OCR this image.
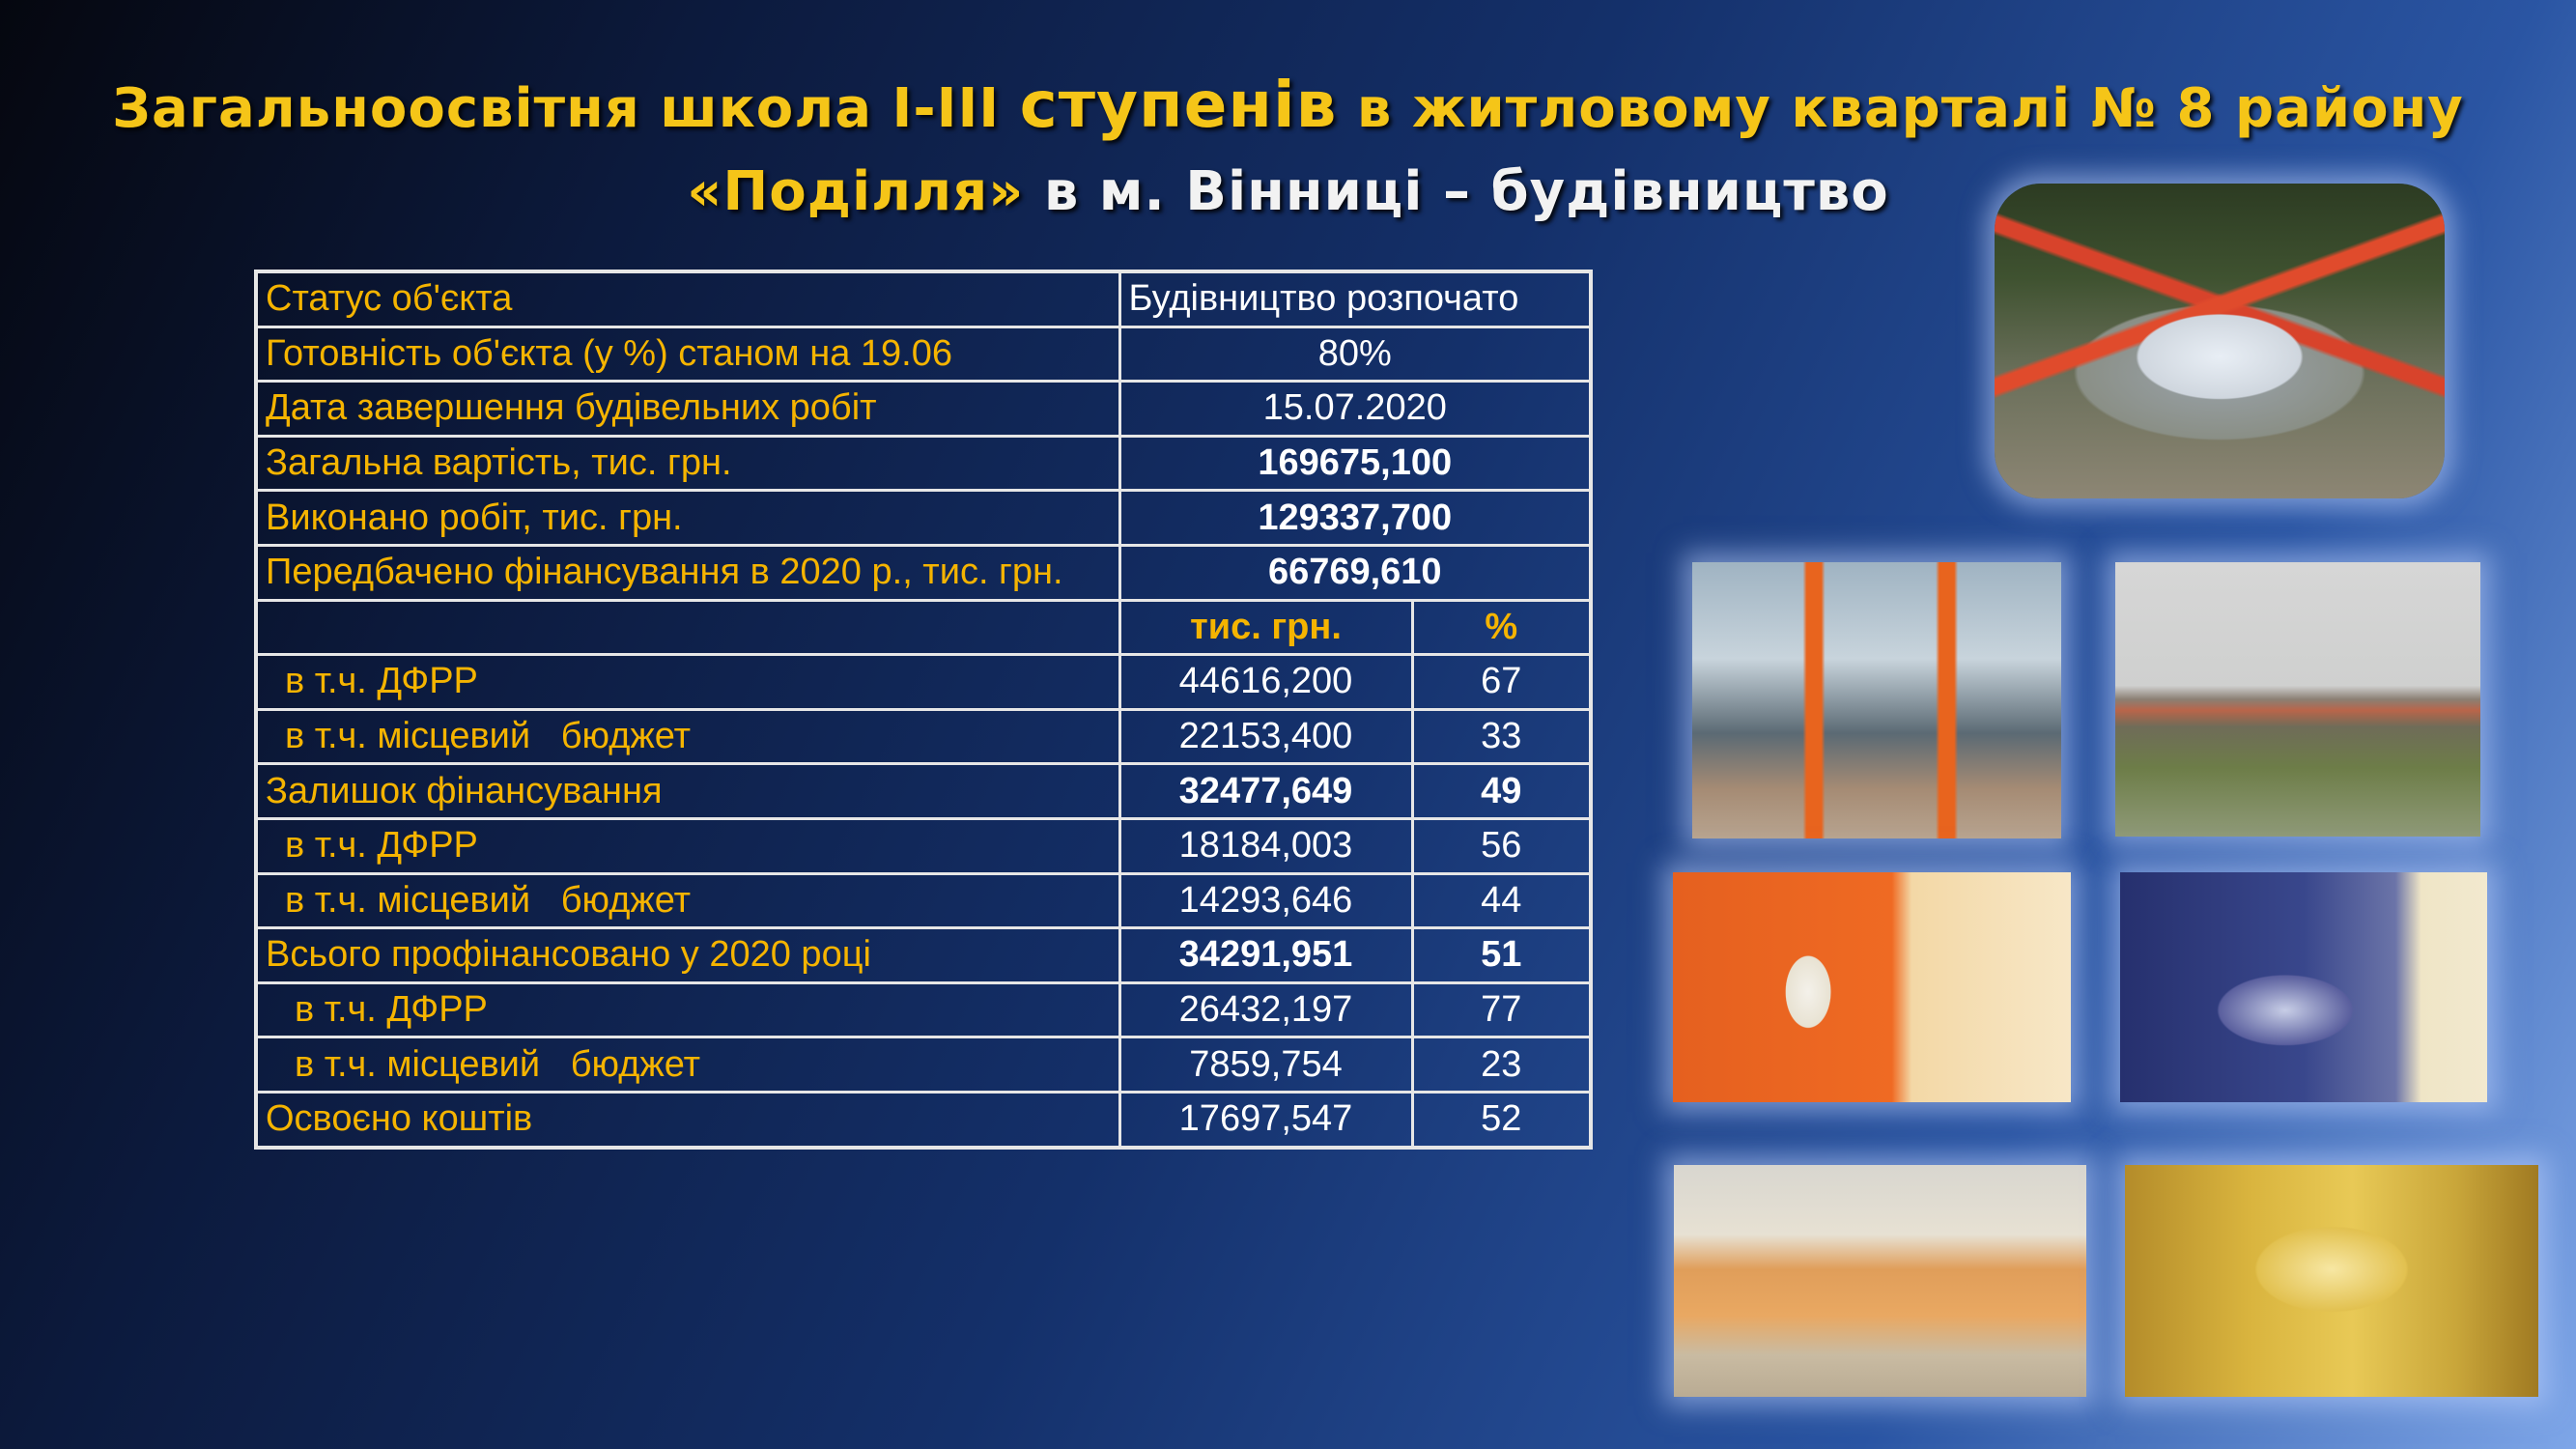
Загальноосвітня школа І-ІІІ ступенів в житловому кварталі № 8 району
«Поділля» в м. Вінниці – будівництво
Статус об'єкта	Будівництво розпочато	
Готовність об'єкта (у %) станом на 19.06	80%	
Дата завершення будівельних робіт	15.07.2020	
Загальна вартість, тис. грн.	169675,100	
Виконано робіт, тис. грн.	129337,700	
Передбачено фінансування в 2020 р., тис. грн.	66769,610	
	тис. грн.	%
в т.ч. ДФРР	44616,200	67
в т.ч. місцевий   бюджет	22153,400	33
Залишок фінансування	32477,649	49
в т.ч. ДФРР	18184,003	56
в т.ч. місцевий   бюджет	14293,646	44
Всього профінансовано у 2020 році	34291,951	51
в т.ч. ДФРР	26432,197	77
в т.ч. місцевий   бюджет	7859,754	23
Освоєно коштів	17697,547	52
